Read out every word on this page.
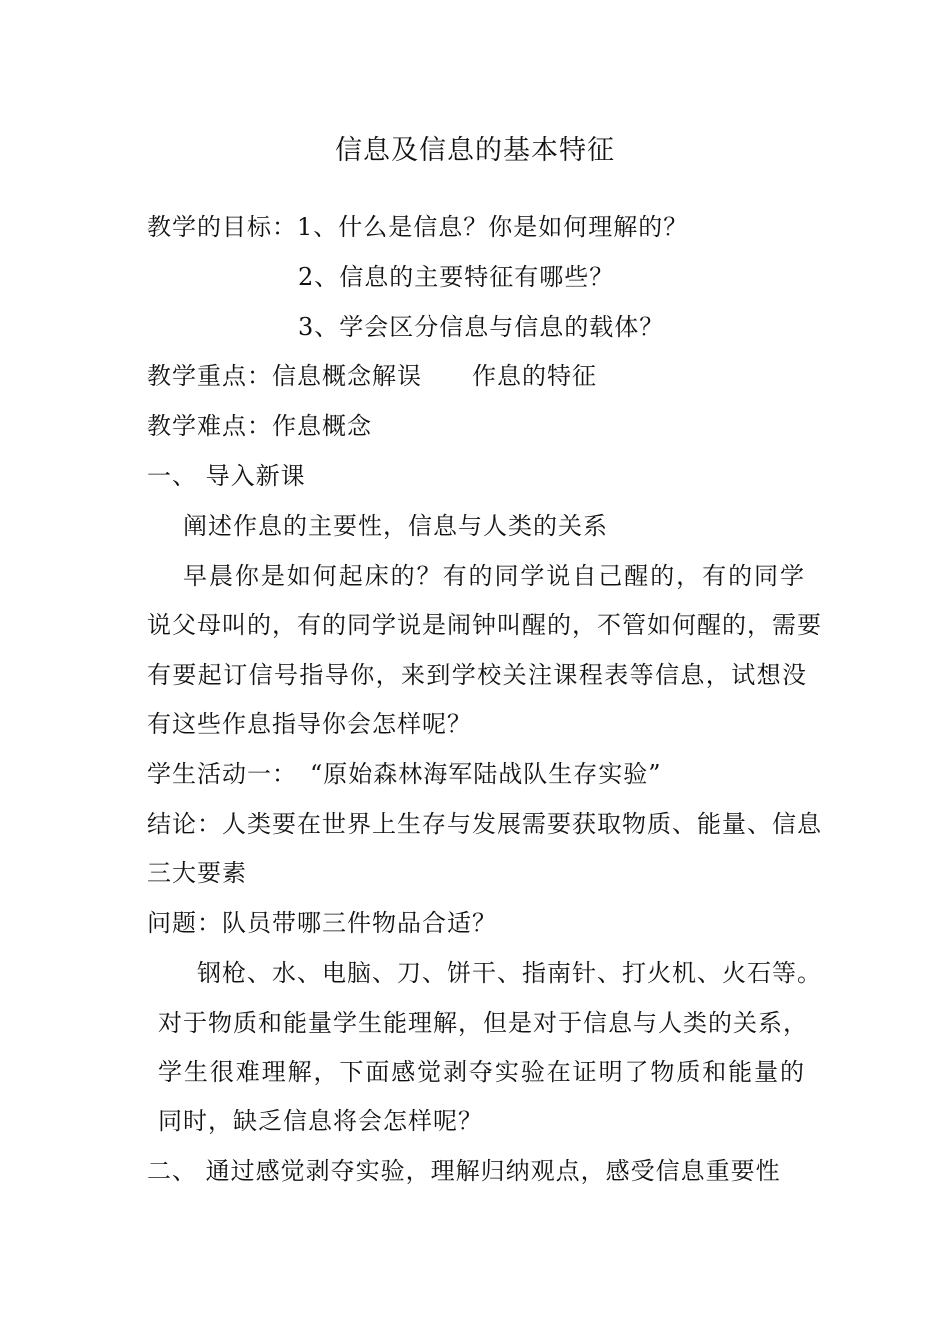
信息及信息的基本特征
教学的目标：1、什么是信息？你是如何理解的？
2、信息的主要特征有哪些？
3、学会区分信息与信息的载体？
教学重点：信息概念解误　　作息的特征
教学难点：作息概念
一、 导入新课
阐述作息的主要性，信息与人类的关系
早晨你是如何起床的？有的同学说自己醒的，有的同学
说父母叫的，有的同学说是闹钟叫醒的，不管如何醒的，需要
有要起订信号指导你，来到学校关注课程表等信息，试想没
有这些作息指导你会怎样呢？
学生活动一：　“原始森林海军陆战队生存实验”
结论：人类要在世界上生存与发展需要获取物质、能量、信息
三大要素
问题：队员带哪三件物品合适？
钢枪、水、电脑、刀、饼干、指南针、打火机、火石等。
对于物质和能量学生能理解，但是对于信息与人类的关系，
学生很难理解，下面感觉剥夺实验在证明了物质和能量的
同时，缺乏信息将会怎样呢？
二、 通过感觉剥夺实验，理解归纳观点，感受信息重要性
